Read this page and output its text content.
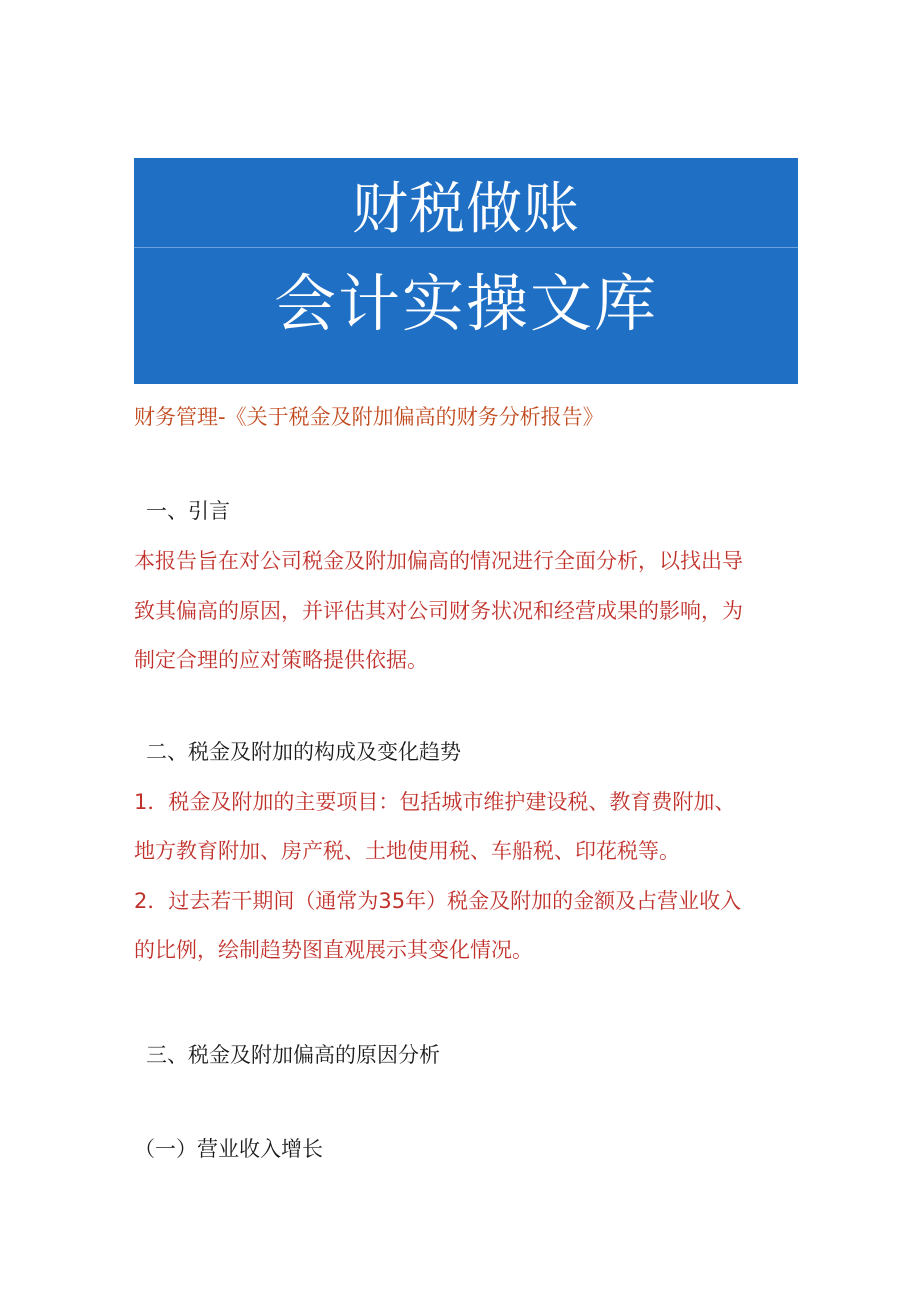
财税做账
会计实操文库
财务管理-《关于税金及附加偏高的财务分析报告》
一、引言
本报告旨在对公司税金及附加偏高的情况进行全面分析，以找出导
致其偏高的原因，并评估其对公司财务状况和经营成果的影响，为
制定合理的应对策略提供依据。
二、税金及附加的构成及变化趋势
1．税金及附加的主要项目：包括城市维护建设税、教育费附加、
地方教育附加、房产税、土地使用税、车船税、印花税等。
2．过去若干期间（通常为35年）税金及附加的金额及占营业收入
的比例，绘制趋势图直观展示其变化情况。
三、税金及附加偏高的原因分析
（一）营业收入增长
